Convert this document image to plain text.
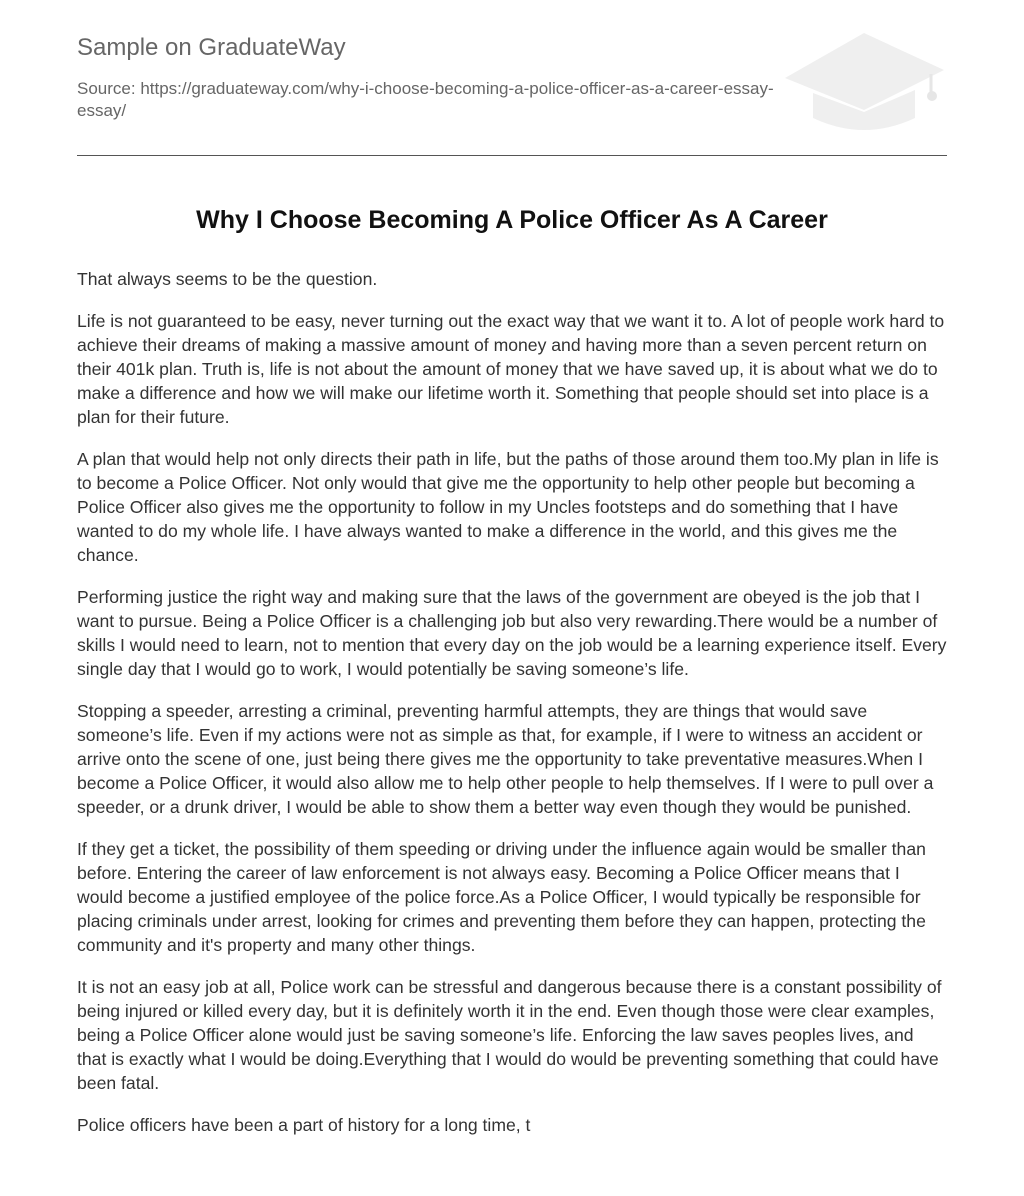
Sample on GraduateWay
Source: https://graduateway.com/why-i-choose-becoming-a-police-officer-as-a-career-essay-essay/
Why I Choose Becoming A Police Officer As A Career

That always seems to be the question.

Life is not guaranteed to be easy, never turning out the exact way that we want it to. A lot of people work hard to achieve their dreams of making a massive amount of money and having more than a seven percent return on their 401k plan. Truth is, life is not about the amount of money that we have saved up, it is about what we do to make a difference and how we will make our lifetime worth it. Something that people should set into place is a plan for their future.

A plan that would help not only directs their path in life, but the paths of those around them too.My plan in life is to become a Police Officer. Not only would that give me the opportunity to help other people but becoming a Police Officer also gives me the opportunity to follow in my Uncles footsteps and do something that I have wanted to do my whole life. I have always wanted to make a difference in the world, and this gives me the chance.

Performing justice the right way and making sure that the laws of the government are obeyed is the job that I want to pursue. Being a Police Officer is a challenging job but also very rewarding.There would be a number of skills I would need to learn, not to mention that every day on the job would be a learning experience itself. Every single day that I would go to work, I would potentially be saving someone’s life.

Stopping a speeder, arresting a criminal, preventing harmful attempts, they are things that would save someone’s life. Even if my actions were not as simple as that, for example, if I were to witness an accident or arrive onto the scene of one, just being there gives me the opportunity to take preventative measures.When I become a Police Officer, it would also allow me to help other people to help themselves. If I were to pull over a speeder, or a drunk driver, I would be able to show them a better way even though they would be punished.

If they get a ticket, the possibility of them speeding or driving under the influence again would be smaller than before. Entering the career of law enforcement is not always easy. Becoming a Police Officer means that I would become a justified employee of the police force.As a Police Officer, I would typically be responsible for placing criminals under arrest, looking for crimes and preventing them before they can happen, protecting the community and it's property and many other things.

It is not an easy job at all, Police work can be stressful and dangerous because there is a constant possibility of being injured or killed every day, but it is definitely worth it in the end. Even though those were clear examples, being a Police Officer alone would just be saving someone’s life. Enforcing the law saves peoples lives, and that is exactly what I would be doing.Everything that I would do would be preventing something that could have been fatal.

Police officers have been a part of history for a long time, t
